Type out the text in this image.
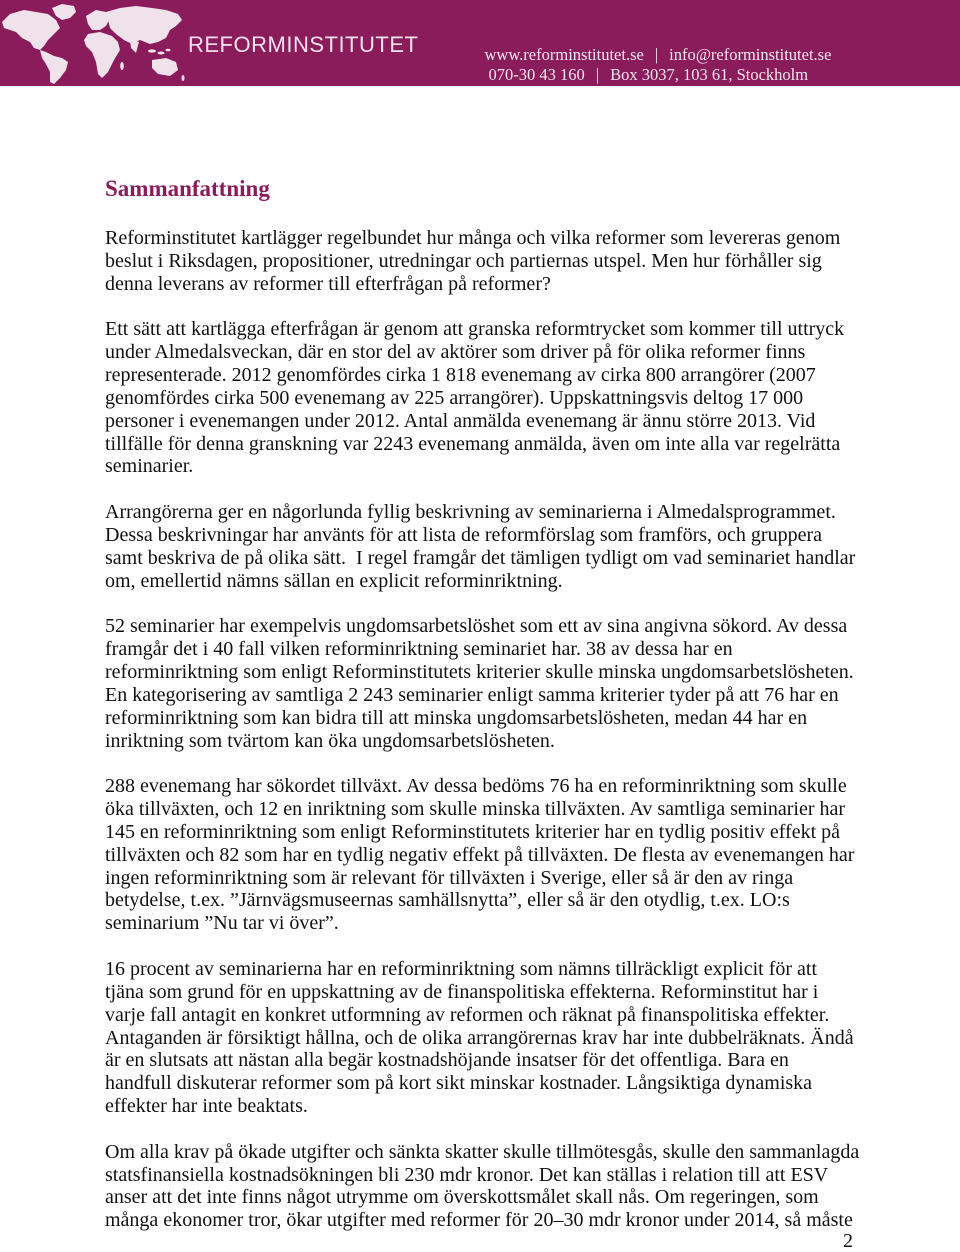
REFORMINSTITUTET	www.reforminstitutet.se | info@reforminstitutet.se

070-30 43 160 | Box 3037, 103 61, Stockholm

Sammanfattning
Reforminstitutet kartlägger regelbundet hur många och vilka reformer som levereras genom
beslut i Riksdagen, propositioner, utredningar och partiernas utspel. Men hur förhåller sig
denna leverans av reformer till efterfrågan på reformer?
Ett sätt att kartlägga efterfrågan är genom att granska reformtrycket som kommer till uttryck
under Almedalsveckan, där en stor del av aktörer som driver på för olika reformer finns
representerade. 2012 genomfördes cirka 1 818 evenemang av cirka 800 arrangörer (2007
genomfördes cirka 500 evenemang av 225 arrangörer). Uppskattningsvis deltog 17 000
personer i evenemangen under 2012. Antal anmälda evenemang är ännu större 2013. Vid
tillfälle för denna granskning var 2243 evenemang anmälda, även om inte alla var regelrätta
seminarier.
Arrangörerna ger en någorlunda fyllig beskrivning av seminarierna i Almedalsprogrammet.
Dessa beskrivningar har använts för att lista de reformförslag som framförs, och gruppera
samt beskriva de på olika sätt.  I regel framgår det tämligen tydligt om vad seminariet handlar
om, emellertid nämns sällan en explicit reforminriktning.
52 seminarier har exempelvis ungdomsarbetslöshet som ett av sina angivna sökord. Av dessa
framgår det i 40 fall vilken reforminriktning seminariet har. 38 av dessa har en
reforminriktning som enligt Reforminstitutets kriterier skulle minska ungdomsarbetslösheten.
En kategorisering av samtliga 2 243 seminarier enligt samma kriterier tyder på att 76 har en
reforminriktning som kan bidra till att minska ungdomsarbetslösheten, medan 44 har en
inriktning som tvärtom kan öka ungdomsarbetslösheten.
288 evenemang har sökordet tillväxt. Av dessa bedöms 76 ha en reforminriktning som skulle
öka tillväxten, och 12 en inriktning som skulle minska tillväxten. Av samtliga seminarier har
145 en reforminriktning som enligt Reforminstitutets kriterier har en tydlig positiv effekt på
tillväxten och 82 som har en tydlig negativ effekt på tillväxten. De flesta av evenemangen har
ingen reforminriktning som är relevant för tillväxten i Sverige, eller så är den av ringa
betydelse, t.ex. ”Järnvägsmuseernas samhällsnytta”, eller så är den otydlig, t.ex. LO:s
seminarium ”Nu tar vi över”.
16 procent av seminarierna har en reforminriktning som nämns tillräckligt explicit för att
tjäna som grund för en uppskattning av de finanspolitiska effekterna. Reforminstitut har i
varje fall antagit en konkret utformning av reformen och räknat på finanspolitiska effekter.
Antaganden är försiktigt hållna, och de olika arrangörernas krav har inte dubbelräknats. Ändå
är en slutsats att nästan alla begär kostnadshöjande insatser för det offentliga. Bara en
handfull diskuterar reformer som på kort sikt minskar kostnader. Långsiktiga dynamiska
effekter har inte beaktats.
Om alla krav på ökade utgifter och sänkta skatter skulle tillmötesgås, skulle den sammanlagda
statsfinansiella kostnadsökningen bli 230 mdr kronor. Det kan ställas i relation till att ESV
anser att det inte finns något utrymme om överskottsmålet skall nås. Om regeringen, som
många ekonomer tror, ökar utgifter med reformer för 20–30 mdr kronor under 2014, så måste
2
